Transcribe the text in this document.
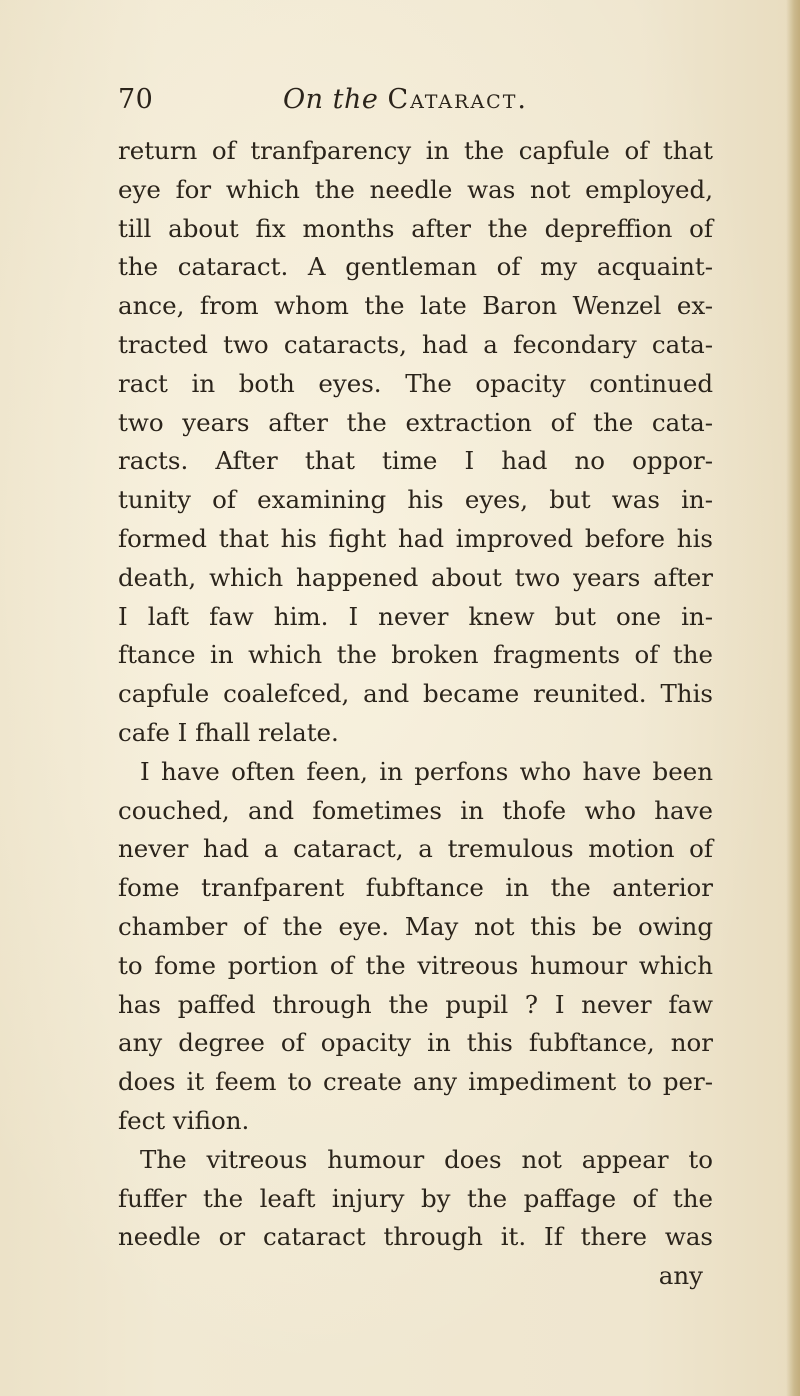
70	On the Cataract.
return of tranfparency in the capfule of that
eye for which the needle was not employed,
till about fix months after the depreffion of
the cataract. A gentleman of my acquaint-
ance, from whom the late Baron Wenzel ex-
tracted two cataracts, had a fecondary cata-
ract in both eyes. The opacity continued
two years after the extraction of the cata-
racts. After that time I had no oppor-
tunity of examining his eyes, but was in-
formed that his fight had improved before his
death, which happened about two years after
I laft faw him. I never knew but one in-
ftance in which the broken fragments of the
capfule coalefced, and became reunited. This
cafe I fhall relate.
I have often feen, in perfons who have been
couched, and fometimes in thofe who have
never had a cataract, a tremulous motion of
fome tranfparent fubftance in the anterior
chamber of the eye. May not this be owing
to fome portion of the vitreous humour which
has paffed through the pupil ? I never faw
any degree of opacity in this fubftance, nor
does it feem to create any impediment to per-
fect vifion.
The vitreous humour does not appear to
fuffer the leaft injury by the paffage of the
needle or cataract through it. If there was
any
